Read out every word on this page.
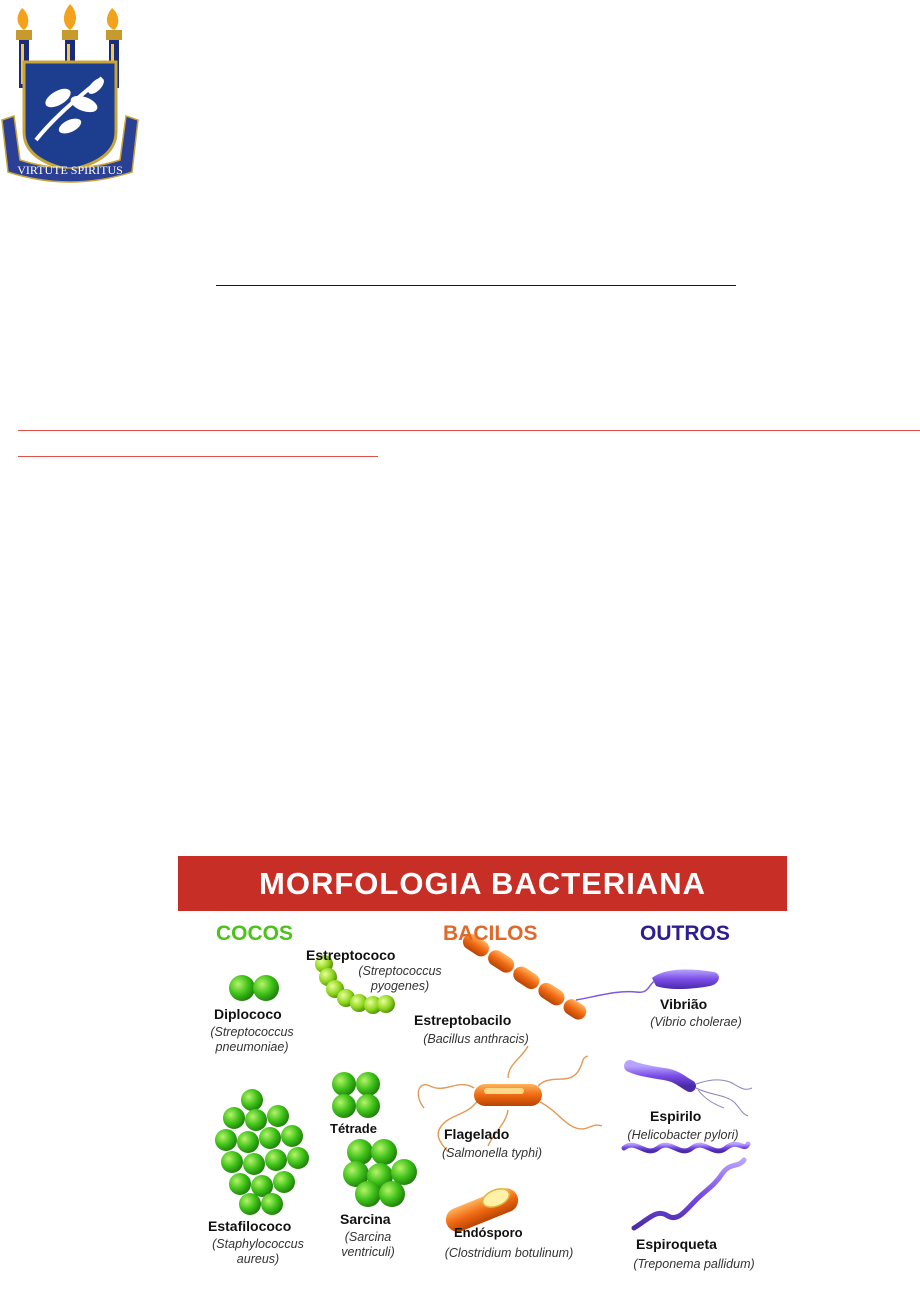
VIRTUTE SPIRITUS
MORFOLOGIA BACTERIANA
COCOS	BACILOS	OUTROS
Estreptococo
(Streptococcus pyogenes)
Diplococo
(Streptococcus pneumoniae)
Tétrade
Estafilococo
(Staphylococcus aureus)
Sarcina
(Sarcina ventriculi)
Estreptobacilo
(Bacillus anthracis)
Flagelado
(Salmonella typhi)
Endósporo
(Clostridium botulinum)
Vibrião
(Vibrio cholerae)
Espirilo
(Helicobacter pylori)
Espiroqueta
(Treponema pallidum)
